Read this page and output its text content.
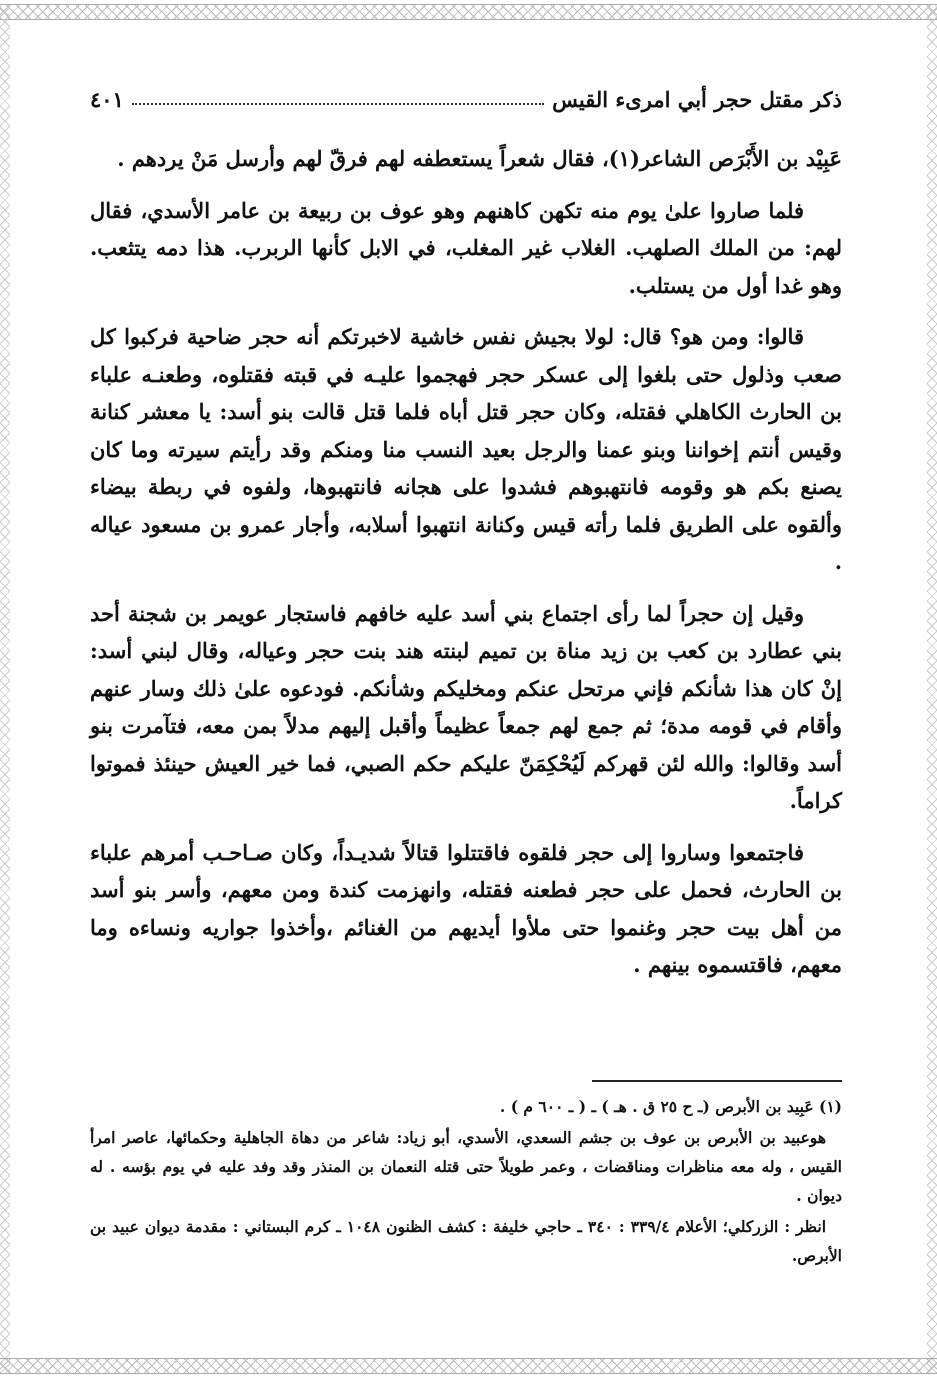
ذكر مقتل حجر أبي امرىء القيس
٤٠١

عَبِيْد بن الأَبْرَص الشاعر(١)، فقال شعراً يستعطفه لهم فرقّ لهم وأرسل مَنْ يردهم .

فلما صاروا علىٰ يوم منه تكهن كاهنهم وهو عوف بن ربيعة بن عامر الأسدي، فقال لهم: من الملك الصلهب. الغلاب غير المغلب، في الابل كأنها الربرب. هذا دمه يتثعب. وهو غدا أول من يستلب.

قالوا: ومن هو؟ قال: لولا بجيش نفس خاشية لاخبرتكم أنه حجر ضاحية فركبوا كل صعب وذلول حتى بلغوا إلى عسكر حجر فهجموا عليـه في قبته فقتلوه، وطعنـه علباء بن الحارث الكاهلي فقتله، وكان حجر قتل أباه فلما قتل قالت بنو أسد: يا معشر كنانة وقيس أنتم إخواننا وبنو عمنا والرجل بعيد النسب منا ومنكم وقد رأيتم سيرته وما كان يصنع بكم هو وقومه فانتهبوهم فشدوا على هجانه فانتهبوها، ولفوه في ربطة بيضاء وألقوه على الطريق فلما رأته قيس وكنانة انتهبوا أسلابه، وأجار عمرو بن مسعود عياله .

وقيل إن حجراً لما رأى اجتماع بني أسد عليه خافهم فاستجار عويمر بن شجنة أحد بني عطارد بن كعب بن زيد مناة بن تميم لبنته هند بنت حجر وعياله، وقال لبني أسد: إنْ كان هذا شأنكم فإني مرتحل عنكم ومخليكم وشأنكم. فودعوه علىٰ ذلك وسار عنهم وأقام في قومه مدة؛ ثم جمع لهم جمعاً عظيماً وأقبل إليهم مدلاً بمن معه، فتآمرت بنو أسد وقالوا: والله لئن قهركم لَيُحْكِمَنّ عليكم حكم الصبي، فما خير العيش حينئذ فموتوا كراماً.

فاجتمعوا وساروا إلى حجر فلقوه فاقتتلوا قتالاً شديـداً، وكان صـاحـب أمرهم علباء بن الحارث، فحمل على حجر فطعنه فقتله، وانهزمت كندة ومن معهم، وأسر بنو أسد من أهل بيت حجر وغنموا حتى ملأوا أيديهم من الغنائم ،وأخذوا جواريه ونساءه وما معهم، فاقتسموه بينهم .

(١) عَبِيد بن الأبرص (ـ ح ٢٥ ق . هـ ) ـ ( ـ ٦٠٠ م ) .

هوعبيد بن الأبرص بن عوف بن جشم السعدي، الأسدي، أبو زياد: شاعر من دهاة الجاهلية وحكمائها، عاصر امرأ القيس ، وله معه مناظرات ومناقضات ، وعمر طويلاً حتى قتله النعمان بن المنذر وقد وفد عليه في يوم بؤسه . له ديوان .

انظر : الزركلي؛ الأعلام ٣٣٩/٤ : ٣٤٠ ـ حاجي خليفة : كشف الظنون ١٠٤٨ ـ كرم البستاني : مقدمة ديوان عبيد بن الأبرص.
